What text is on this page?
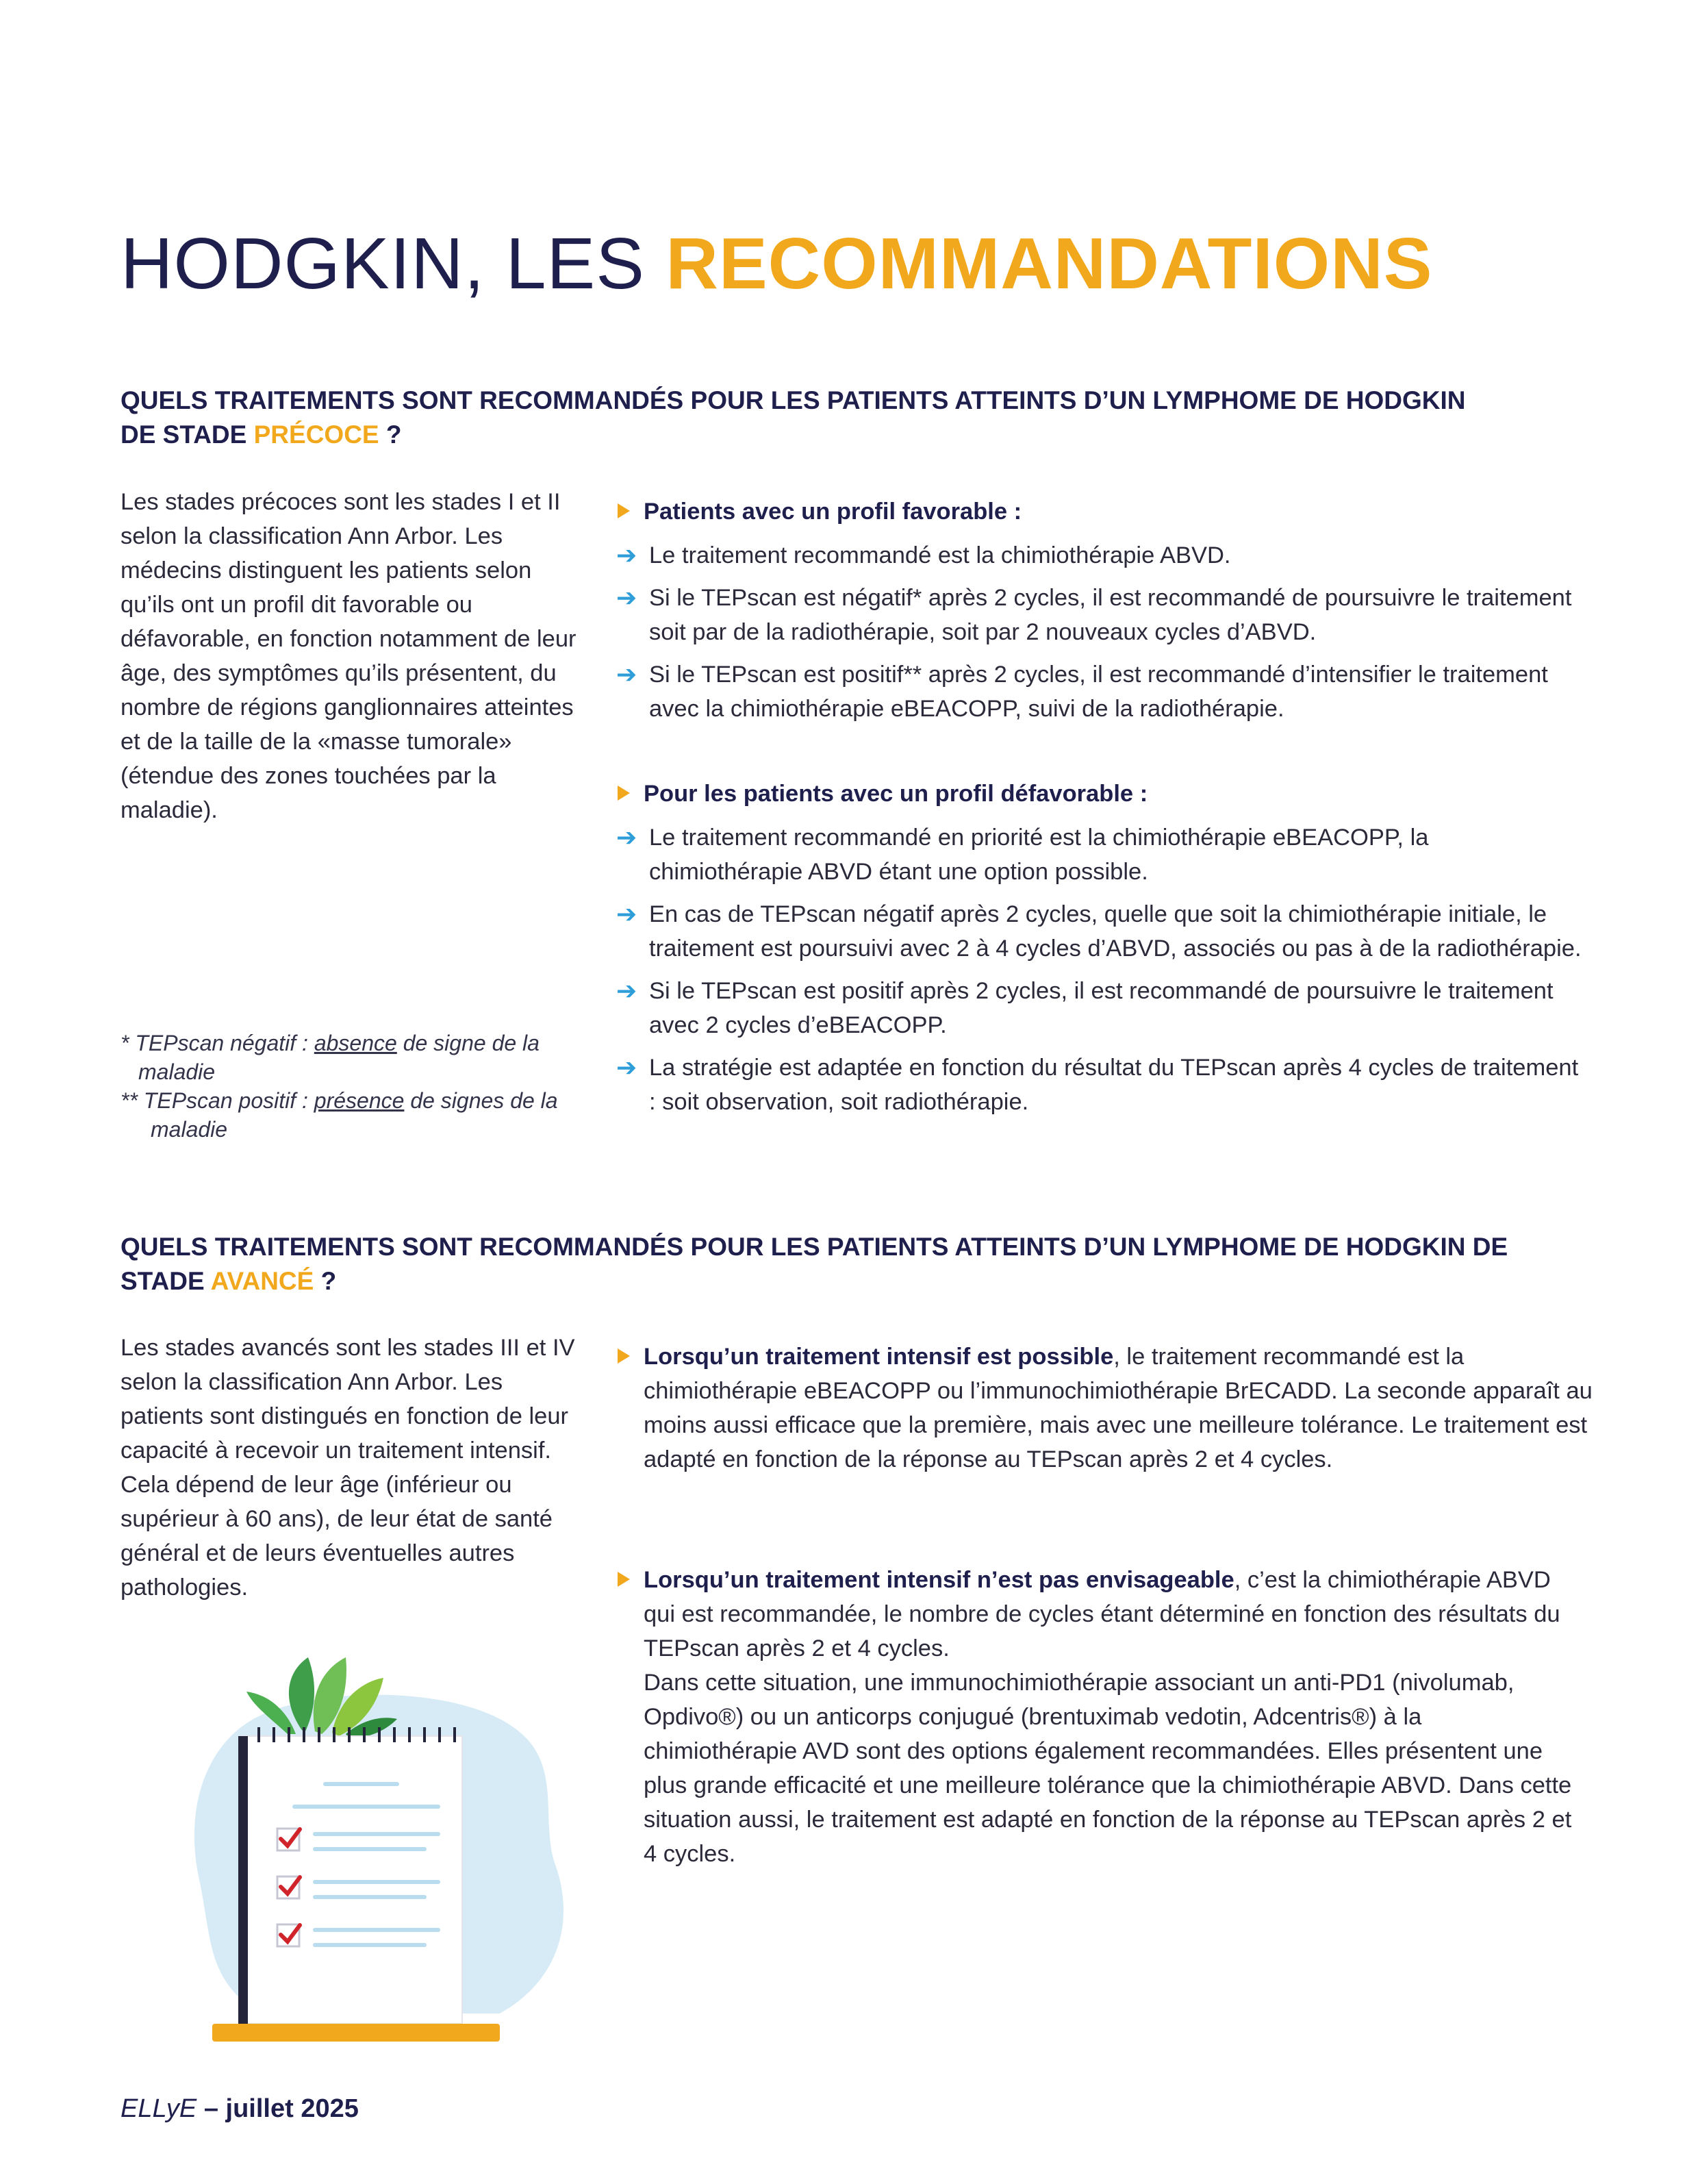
HODGKIN, LES RECOMMANDATIONS
QUELS TRAITEMENTS SONT RECOMMANDÉS POUR LES PATIENTS ATTEINTS D’UN LYMPHOME DE HODGKIN
DE STADE PRÉCOCE ?

Les stades précoces sont les stades I et II selon la classification Ann Arbor. Les médecins distinguent les patients selon qu’ils ont un profil dit favorable ou défavorable, en fonction notamment de leur âge, des symptômes qu’ils présentent, du nombre de régions ganglionnaires atteintes et de la taille de la «masse tumorale» (étendue des zones touchées par la maladie).

Patients avec un profil favorable :

➔ Le traitement recommandé est la chimiothérapie ABVD.
➔ Si le TEPscan est négatif* après 2 cycles, il est recommandé de poursuivre le traitement soit par de la radiothérapie, soit par 2 nouveaux cycles d’ABVD.
➔ Si le TEPscan est positif** après 2 cycles, il est recommandé d’intensifier le traitement avec la chimiothérapie eBEACOPP, suivi de la radiothérapie.

Pour les patients avec un profil défavorable :

➔ Le traitement recommandé en priorité est la chimiothérapie eBEACOPP, la chimiothérapie ABVD étant une option possible.
➔ En cas de TEPscan négatif après 2 cycles, quelle que soit la chimiothérapie initiale, le traitement est poursuivi avec 2 à 4 cycles d’ABVD, associés ou pas à de la radiothérapie.
➔ Si le TEPscan est positif après 2 cycles, il est recommandé de poursuivre le traitement avec 2 cycles d’eBEACOPP.
➔ La stratégie est adaptée en fonction du résultat du TEPscan après 4 cycles de traitement : soit observation, soit radiothérapie.

* TEPscan négatif : absence de signe de la
maladie
** TEPscan positif : présence de signes de la
maladie

QUELS TRAITEMENTS SONT RECOMMANDÉS POUR LES PATIENTS ATTEINTS D’UN LYMPHOME DE HODGKIN DE
STADE AVANCÉ ?

Les stades avancés sont les stades III et IV selon la classification Ann Arbor. Les patients sont distingués en fonction de leur capacité à recevoir un traitement intensif. Cela dépend de leur âge (inférieur ou supérieur à 60 ans), de leur état de santé général et de leurs éventuelles autres pathologies.

Lorsqu’un traitement intensif est possible, le traitement recommandé est la chimiothérapie eBEACOPP ou l’immunochimiothérapie BrECADD. La seconde apparaît au moins aussi efficace que la première, mais avec une meilleure tolérance. Le traitement est adapté en fonction de la réponse au TEPscan après 2 et 4 cycles.

Lorsqu’un traitement intensif n’est pas envisageable, c’est la chimiothérapie ABVD qui est recommandée, le nombre de cycles étant déterminé en fonction des résultats du TEPscan après 2 et 4 cycles.

Dans cette situation, une immunochimiothérapie associant un anti-PD1 (nivolumab, Opdivo®) ou un anticorps conjugué (brentuximab vedotin, Adcentris®) à la chimiothérapie AVD sont des options également recommandées. Elles présentent une plus grande efficacité et une meilleure tolérance que la chimiothérapie ABVD. Dans cette situation aussi, le traitement est adapté en fonction de la réponse au TEPscan après 2 et 4 cycles.

ELLyE – juillet 2025
